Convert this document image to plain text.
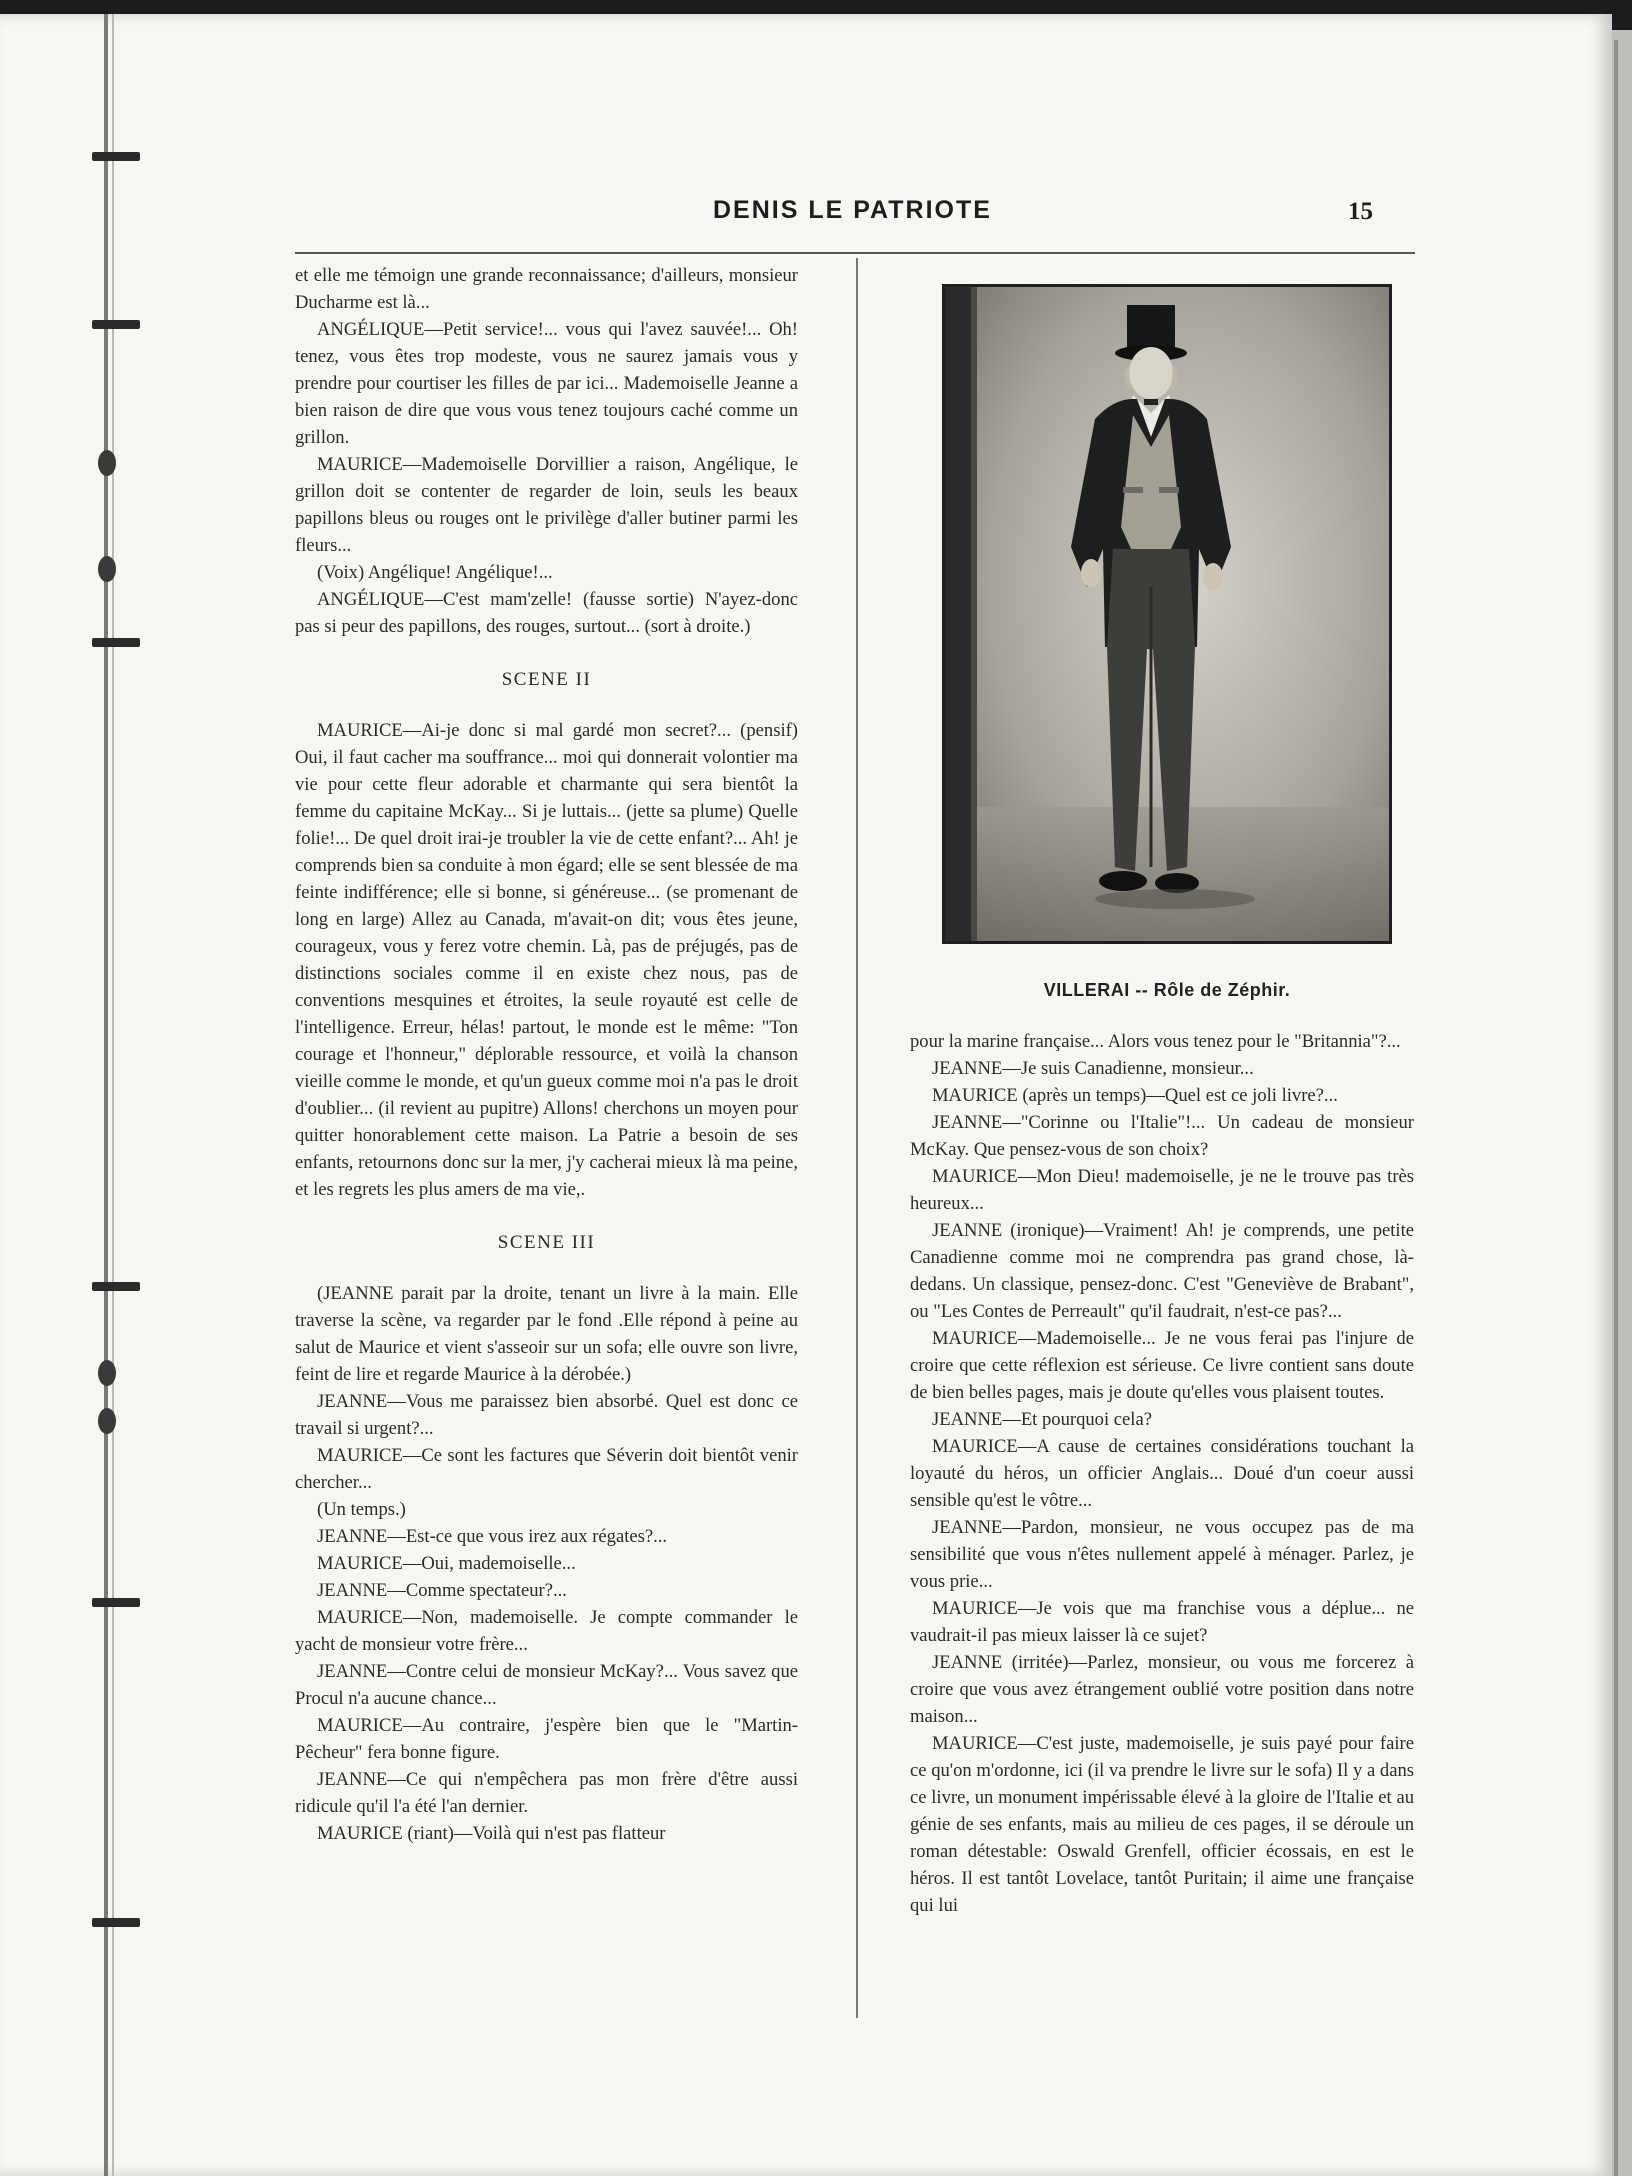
DENIS LE PATRIOTE	15

et elle me témoign une grande reconnaissance; d'ailleurs, monsieur Ducharme est là...

ANGÉLIQUE—Petit service!... vous qui l'avez sauvée!... Oh! tenez, vous êtes trop modeste, vous ne saurez jamais vous y prendre pour courtiser les filles de par ici... Mademoiselle Jeanne a bien raison de dire que vous vous tenez toujours caché comme un grillon.

MAURICE—Mademoiselle Dorvillier a raison, Angélique, le grillon doit se contenter de regarder de loin, seuls les beaux papillons bleus ou rouges ont le privilège d'aller butiner parmi les fleurs...

(Voix) Angélique! Angélique!...

ANGÉLIQUE—C'est mam'zelle! (fausse sortie) N'ayez-donc pas si peur des papillons, des rouges, surtout... (sort à droite.)

SCENE II

MAURICE—Ai-je donc si mal gardé mon secret?... (pensif) Oui, il faut cacher ma souffrance... moi qui donnerait volontier ma vie pour cette fleur adorable et charmante qui sera bientôt la femme du capitaine McKay... Si je luttais... (jette sa plume) Quelle folie!... De quel droit irai-je troubler la vie de cette enfant?... Ah! je comprends bien sa conduite à mon égard; elle se sent blessée de ma feinte indifférence; elle si bonne, si généreuse... (se promenant de long en large) Allez au Canada, m'avait-on dit; vous êtes jeune, courageux, vous y ferez votre chemin. Là, pas de préjugés, pas de distinctions sociales comme il en existe chez nous, pas de conventions mesquines et étroites, la seule royauté est celle de l'intelligence. Erreur, hélas! partout, le monde est le même: "Ton courage et l'honneur," déplorable ressource, et voilà la chanson vieille comme le monde, et qu'un gueux comme moi n'a pas le droit d'oublier... (il revient au pupitre) Allons! cherchons un moyen pour quitter honorablement cette maison. La Patrie a besoin de ses enfants, retournons donc sur la mer, j'y cacherai mieux là ma peine, et les regrets les plus amers de ma vie,.

SCENE III

(JEANNE parait par la droite, tenant un livre à la main. Elle traverse la scène, va regarder par le fond .Elle répond à peine au salut de Maurice et vient s'asseoir sur un sofa; elle ouvre son livre, feint de lire et regarde Maurice à la dérobée.)

JEANNE—Vous me paraissez bien absorbé. Quel est donc ce travail si urgent?...

MAURICE—Ce sont les factures que Séverin doit bientôt venir chercher...

(Un temps.)

JEANNE—Est-ce que vous irez aux régates?...

MAURICE—Oui, mademoiselle...

JEANNE—Comme spectateur?...

MAURICE—Non, mademoiselle. Je compte commander le yacht de monsieur votre frère...

JEANNE—Contre celui de monsieur McKay?... Vous savez que Procul n'a aucune chance...

MAURICE—Au contraire, j'espère bien que le "Martin-Pêcheur" fera bonne figure.

JEANNE—Ce qui n'empêchera pas mon frère d'être aussi ridicule qu'il l'a été l'an dernier.

MAURICE (riant)—Voilà qui n'est pas flatteur

VILLERAI -- Rôle de Zéphir.

pour la marine française... Alors vous tenez pour le "Britannia"?...

JEANNE—Je suis Canadienne, monsieur...

MAURICE (après un temps)—Quel est ce joli livre?...

JEANNE—"Corinne ou l'Italie"!... Un cadeau de monsieur McKay. Que pensez-vous de son choix?

MAURICE—Mon Dieu! mademoiselle, je ne le trouve pas très heureux...

JEANNE (ironique)—Vraiment! Ah! je comprends, une petite Canadienne comme moi ne comprendra pas grand chose, là-dedans. Un classique, pensez-donc. C'est "Geneviève de Brabant", ou "Les Contes de Perreault" qu'il faudrait, n'est-ce pas?...

MAURICE—Mademoiselle... Je ne vous ferai pas l'injure de croire que cette réflexion est sérieuse. Ce livre contient sans doute de bien belles pages, mais je doute qu'elles vous plaisent toutes.

JEANNE—Et pourquoi cela?

MAURICE—A cause de certaines considérations touchant la loyauté du héros, un officier Anglais... Doué d'un coeur aussi sensible qu'est le vôtre...

JEANNE—Pardon, monsieur, ne vous occupez pas de ma sensibilité que vous n'êtes nullement appelé à ménager. Parlez, je vous prie...

MAURICE—Je vois que ma franchise vous a déplue... ne vaudrait-il pas mieux laisser là ce sujet?

JEANNE (irritée)—Parlez, monsieur, ou vous me forcerez à croire que vous avez étrangement oublié votre position dans notre maison...

MAURICE—C'est juste, mademoiselle, je suis payé pour faire ce qu'on m'ordonne, ici (il va prendre le livre sur le sofa) Il y a dans ce livre, un monument impérissable élevé à la gloire de l'Italie et au génie de ses enfants, mais au milieu de ces pages, il se déroule un roman détestable: Oswald Grenfell, officier écossais, en est le héros. Il est tantôt Lovelace, tantôt Puritain; il aime une française qui lui
